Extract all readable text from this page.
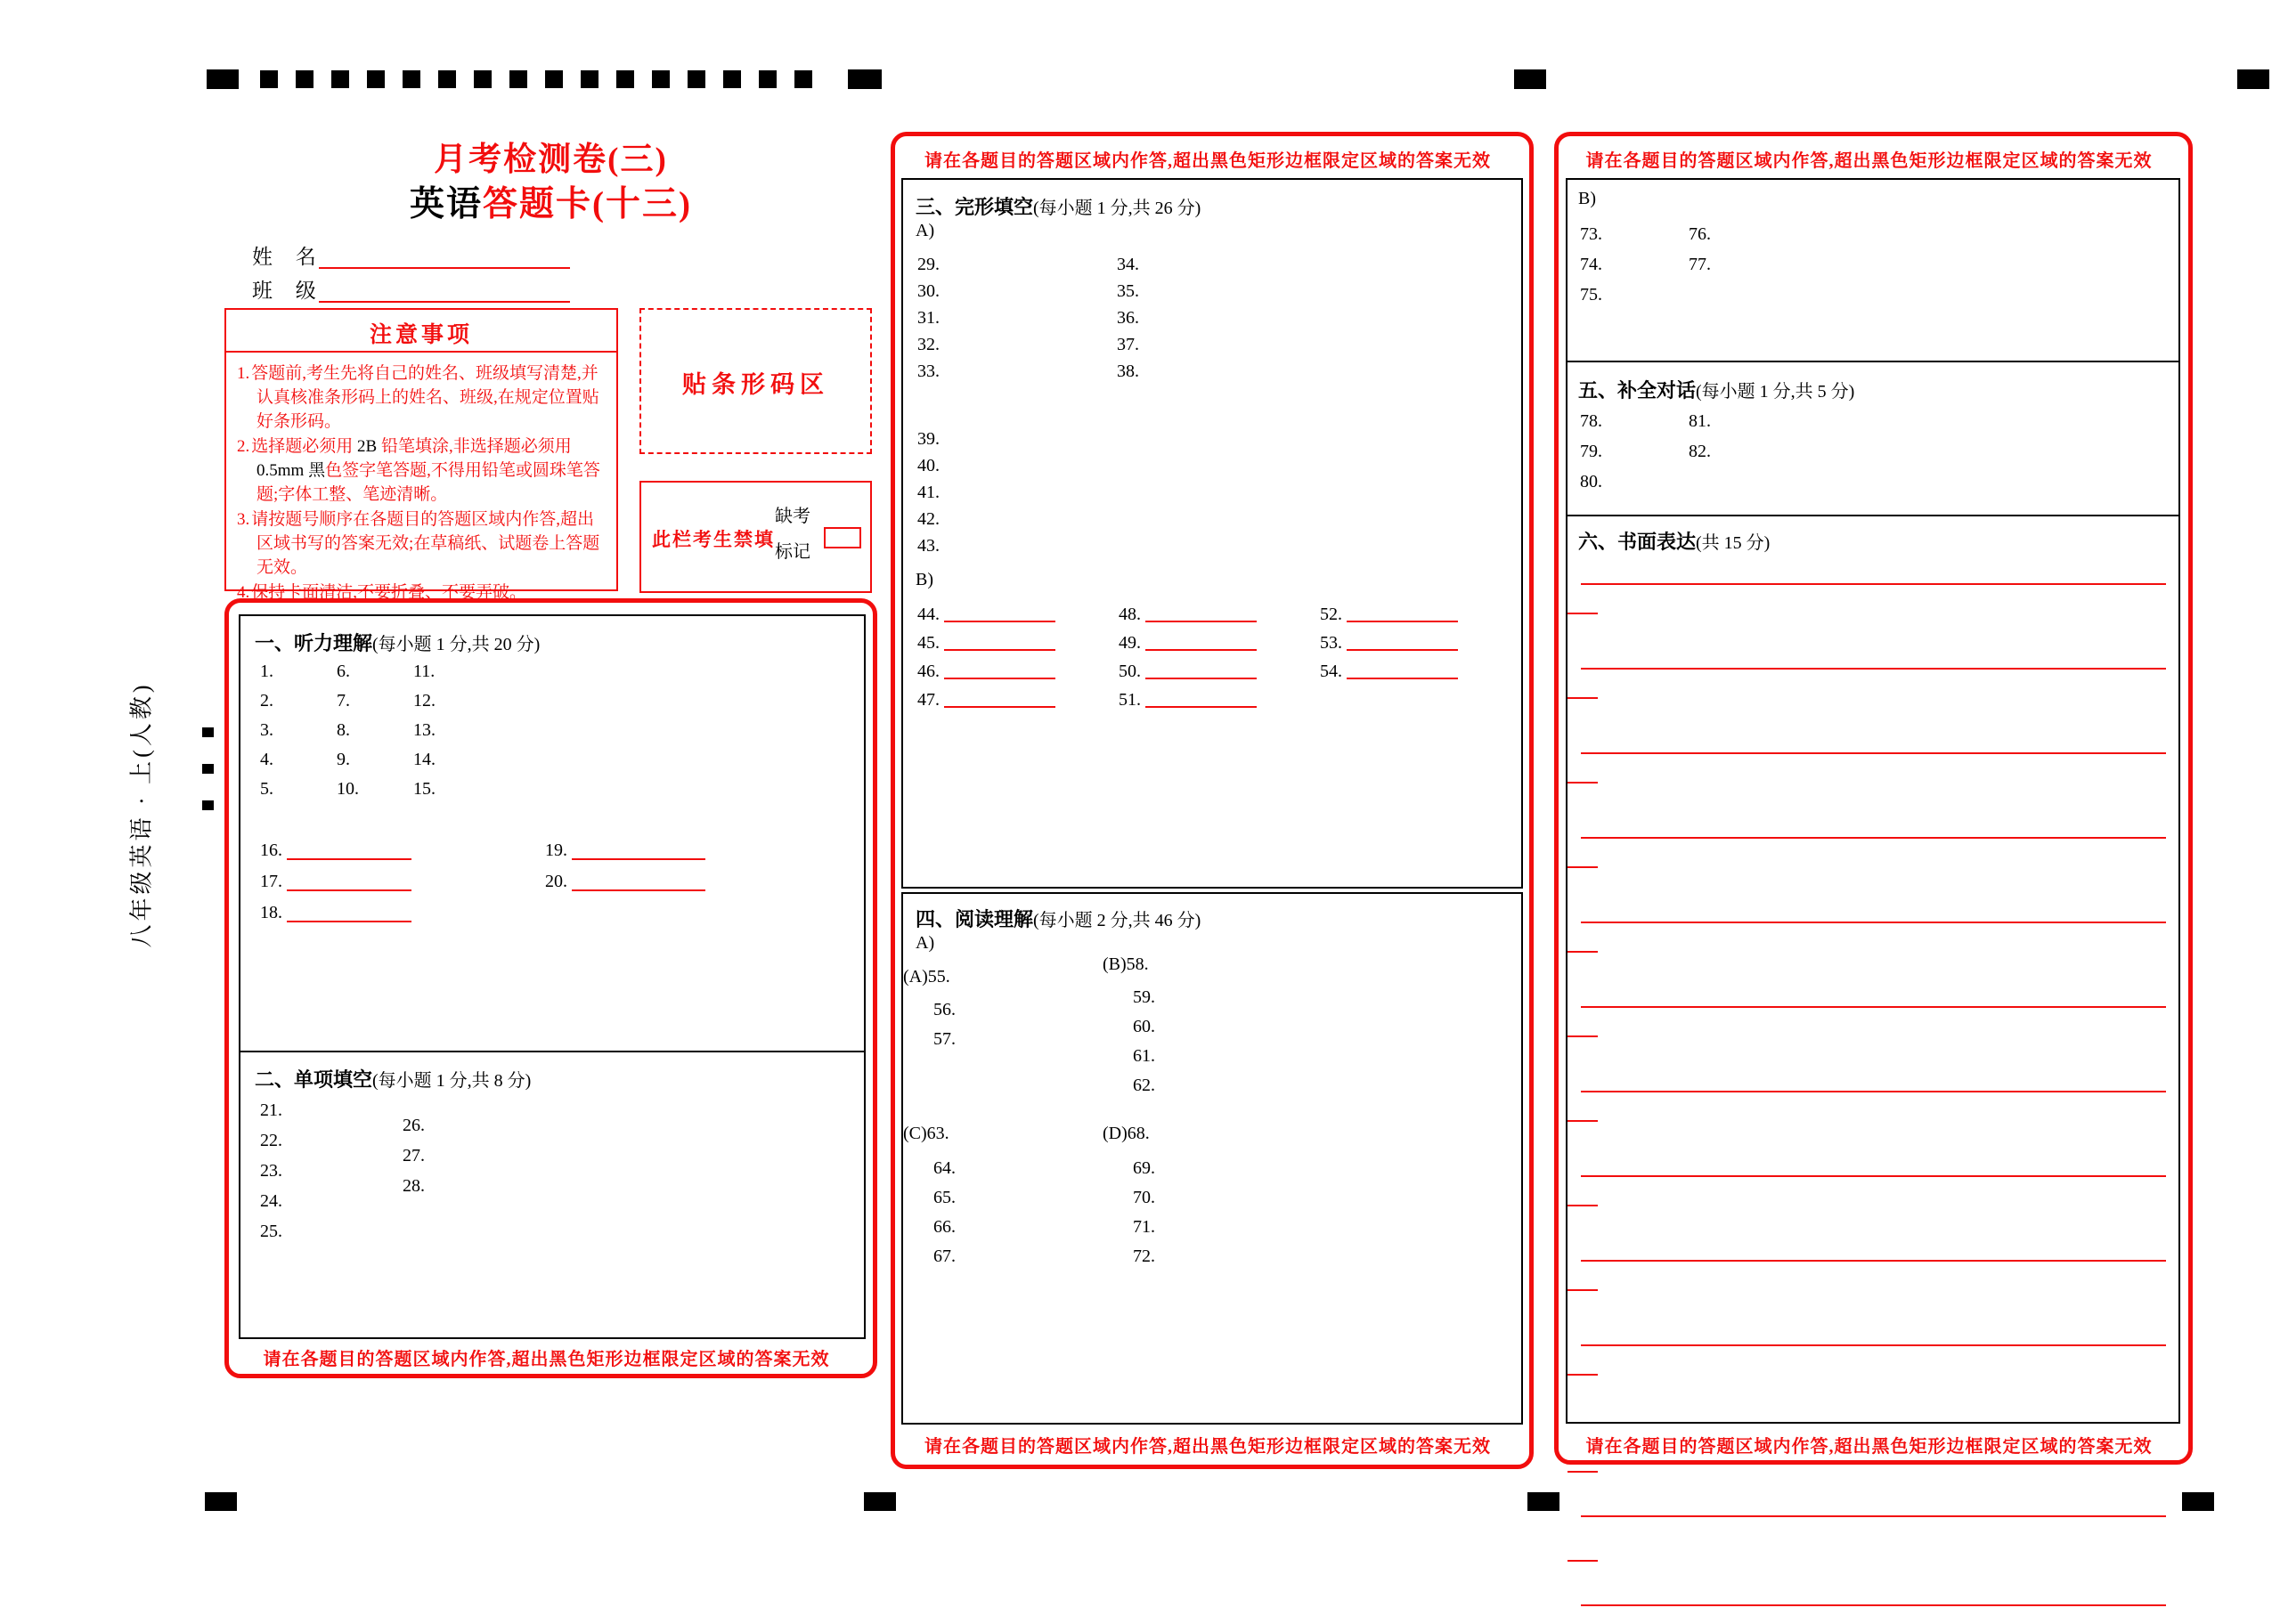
八年级英语 · 上(人教)
月考检测卷(三)
英语答题卡(十三)
姓 名
班 级
注意事项
1. 答题前,考生先将自己的姓名、班级填写清楚,并认真核准条形码上的姓名、班级,在规定位置贴好条形码。
2. 选择题必须用 2B 铅笔填涂,非选择题必须用 0.5mm 黑色签字笔答题,不得用铅笔或圆珠笔答题;字体工整、笔迹清晰。
3. 请按题号顺序在各题目的答题区域内作答,超出区域书写的答案无效;在草稿纸、试题卷上答题无效。
4. 保持卡面清洁,不要折叠、不要弄破。
贴条形码区
此栏考生禁填
缺考
标记
一、听力理解(每小题 1 分,共 20 分)
1.
2.
3.
4.
5.
6.
7.
8.
9.
10.
11.
12.
13.
14.
15.
16.
17.
18.
19.
20.
二、单项填空(每小题 1 分,共 8 分)
21.
22.
23.
24.
25.
26.
27.
28.
请在各题目的答题区域内作答,超出黑色矩形边框限定区域的答案无效
请在各题目的答题区域内作答,超出黑色矩形边框限定区域的答案无效
三、完形填空(每小题 1 分,共 26 分)
A)
29.
30.
31.
32.
33.
34.
35.
36.
37.
38.
39.
40.
41.
42.
43.
B)
44.
45.
46.
47.
48.
49.
50.
51.
52.
53.
54.
四、阅读理解(每小题 2 分,共 46 分)
A)
(B)58.
(A)55.
56.
57.
59.
60.
61.
62.
(C)63.
64.
65.
66.
67.
(D)68.
69.
70.
71.
72.
请在各题目的答题区域内作答,超出黑色矩形边框限定区域的答案无效
请在各题目的答题区域内作答,超出黑色矩形边框限定区域的答案无效
B)
73.
74.
75.
76.
77.
五、补全对话(每小题 1 分,共 5 分)
78.
79.
80.
81.
82.
六、书面表达(共 15 分)
请在各题目的答题区域内作答,超出黑色矩形边框限定区域的答案无效
